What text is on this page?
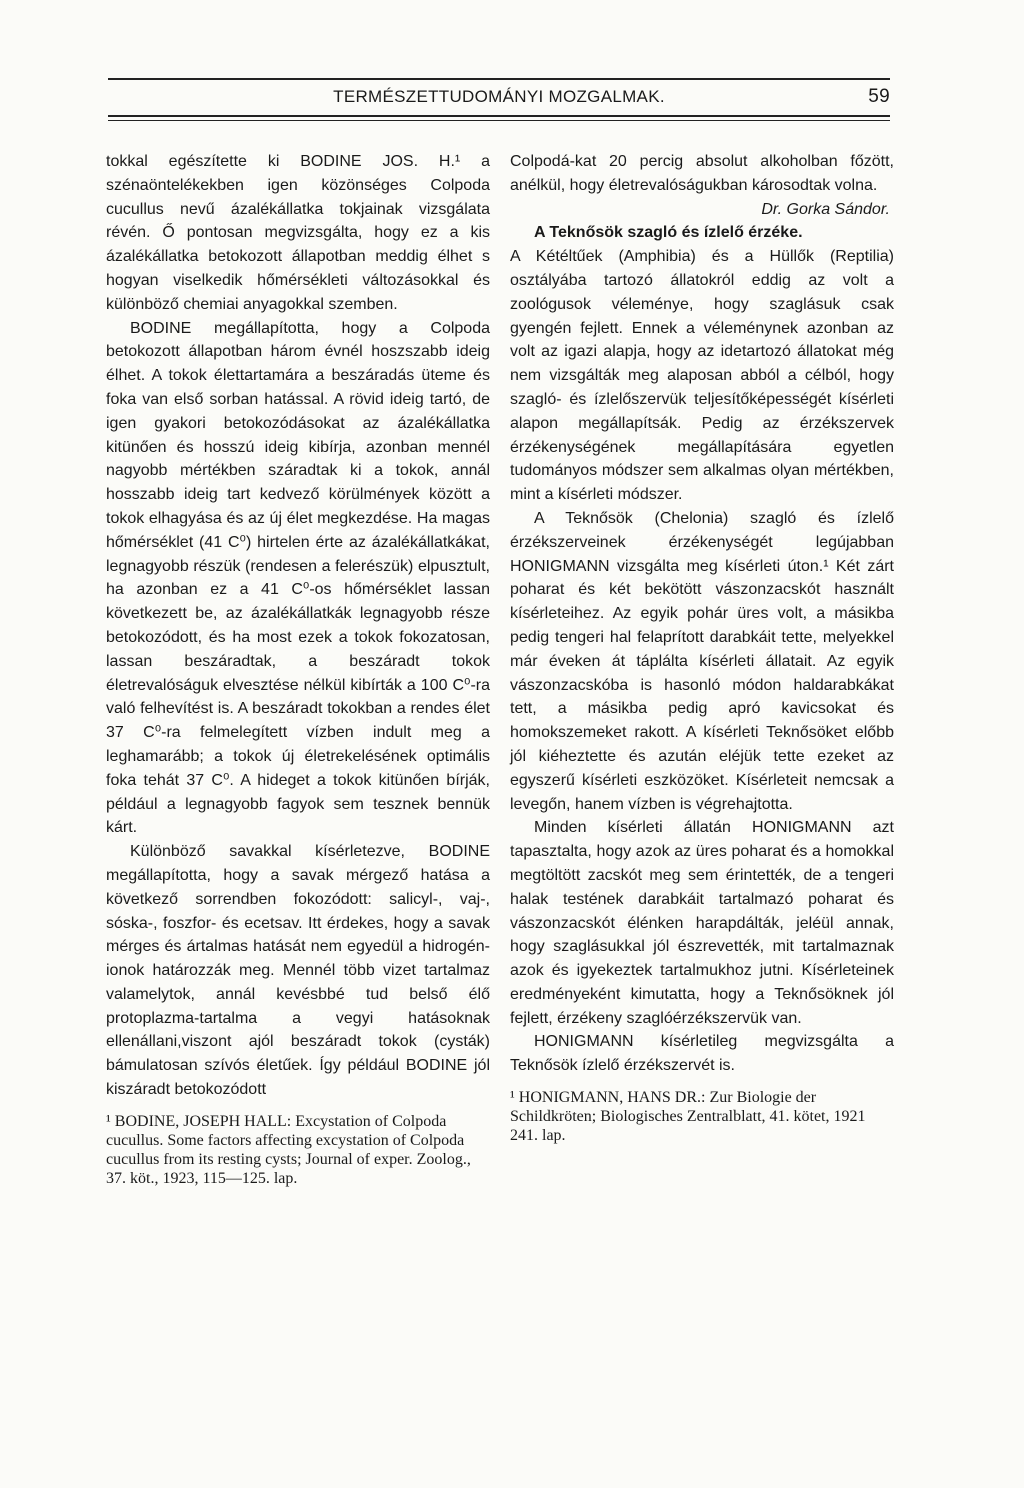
TERMÉSZETTUDOMÁNYI MOZGALMAK.	59

tokkal egészítette ki BODINE JOS. H.¹ a szénaöntelékekben igen közönséges Colpoda cucullus nevű ázalékállatka tokjainak vizsgálata révén. Ő pontosan megvizsgálta, hogy ez a kis ázalékállatka betokozott állapotban meddig élhet s hogyan viselkedik hőmérsékleti változásokkal és különböző chemiai anyagokkal szemben.

BODINE megállapította, hogy a Colpoda betokozott állapotban három évnél hoszszabb ideig élhet. A tokok élettartamára a beszáradás üteme és foka van első sorban hatással. A rövid ideig tartó, de igen gyakori betokozódásokat az ázalékállatka kitünően és hosszú ideig kibírja, azonban mennél nagyobb mértékben száradtak ki a tokok, annál hosszabb ideig tart kedvező körülmények között a tokok elhagyása és az új élet megkezdése. Ha magas hőmérséklet (41 C⁰) hirtelen érte az ázalékállatkákat, legnagyobb részük (rendesen a felerészük) elpusztult, ha azonban ez a 41 C⁰-os hőmérséklet lassan következett be, az ázalékállatkák legnagyobb része betokozódott, és ha most ezek a tokok fokozatosan, lassan beszáradtak, a beszáradt tokok életrevalóságuk elvesztése nélkül kibírták a 100 C⁰-ra való felhevítést is. A beszáradt tokokban a rendes élet 37 C⁰-ra felmelegített vízben indult meg a leghamarább; a tokok új életrekelésének optimális foka tehát 37 C⁰. A hideget a tokok kitünően bírják, például a legnagyobb fagyok sem tesznek bennük kárt.

Különböző savakkal kísérletezve, BODINE megállapította, hogy a savak mérgező hatása a következő sorrendben fokozódott: salicyl-, vaj-, sóska-, foszfor- és ecetsav. Itt érdekes, hogy a savak mérges és ártalmas hatását nem egyedül a hidrogén-ionok határozzák meg. Mennél több vizet tartalmaz valamelytok, annál kevésbbé tud belső élő protoplazma-tartalma a vegyi hatásoknak ellenállani,viszont ajól beszáradt tokok (cysták) bámulatosan szívós életűek. Így például BODINE jól kiszáradt betokozódott

¹ BODINE, JOSEPH HALL: Excystation of Colpoda cucullus. Some factors affecting excystation of Colpoda cucullus from its resting cysts; Journal of exper. Zoolog., 37. köt., 1923, 115—125. lap.

Colpodá-kat 20 percig absolut alkoholban főzött, anélkül, hogy életrevalóságukban károsodtak volna.

Dr. Gorka Sándor.

A Teknősök szagló és ízlelő érzéke.

A Kétéltűek (Amphibia) és a Hüllők (Reptilia) osztályába tartozó állatokról eddig az volt a zoológusok véleménye, hogy szaglásuk csak gyengén fejlett. Ennek a véleménynek azonban az volt az igazi alapja, hogy az idetartozó állatokat még nem vizsgálták meg alaposan abból a célból, hogy szagló- és ízlelőszervük teljesítőképességét kísérleti alapon megállapítsák. Pedig az érzékszervek érzékenységének megállapítására egyetlen tudományos módszer sem alkalmas olyan mértékben, mint a kísérleti módszer.

A Teknősök (Chelonia) szagló és ízlelő érzékszerveinek érzékenységét legújabban HONIGMANN vizsgálta meg kísérleti úton.¹ Két zárt poharat és két bekötött vászonzacskót használt kísérleteihez. Az egyik pohár üres volt, a másikba pedig tengeri hal felaprított darabkáit tette, melyekkel már éveken át táplálta kísérleti állatait. Az egyik vászonzacskóba is hasonló módon haldarabkákat tett, a másikba pedig apró kavicsokat és homokszemeket rakott. A kísérleti Teknősöket előbb jól kiéheztette és azután eléjük tette ezeket az egyszerű kísérleti eszközöket. Kísérleteit nemcsak a levegőn, hanem vízben is végrehajtotta.

Minden kísérleti állatán HONIGMANN azt tapasztalta, hogy azok az üres poharat és a homokkal megtöltött zacskót meg sem érintették, de a tengeri halak testének darabkáit tartalmazó poharat és vászonzacskót élénken harapdálták, jeléül annak, hogy szaglásukkal jól észrevették, mit tartalmaznak azok és igyekeztek tartalmukhoz jutni. Kísérleteinek eredményeként kimutatta, hogy a Teknősöknek jól fejlett, érzékeny szaglóérzékszervük van.

HONIGMANN kísérletileg megvizsgálta a Teknősök ízlelő érzékszervét is.

¹ HONIGMANN, HANS DR.: Zur Biologie der Schildkröten; Biologisches Zentralblatt, 41. kötet, 1921 241. lap.
